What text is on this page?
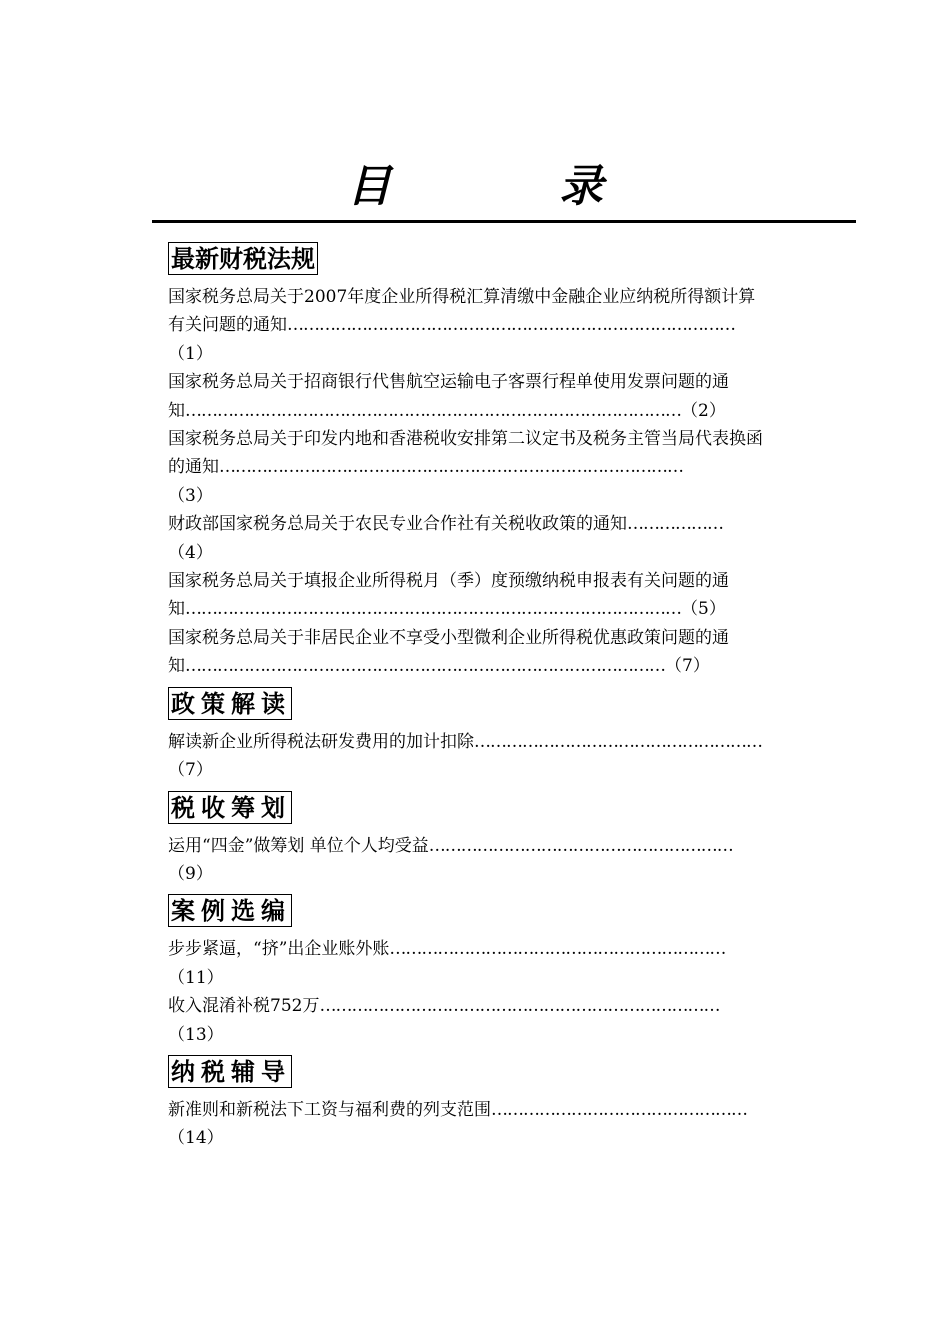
目　录
最新财税法规

国家税务总局关于2007年度企业所得税汇算清缴中金融企业应纳税所得额计算
有关问题的通知…………………………………………………………………………
（1）

国家税务总局关于招商银行代售航空运输电子客票行程单使用发票问题的通
知…………………………………………………………………………………（2）

国家税务总局关于印发内地和香港税收安排第二议定书及税务主管当局代表换函
的通知……………………………………………………………………………
（3）

财政部国家税务总局关于农民专业合作社有关税收政策的通知………………
（4）

国家税务总局关于填报企业所得税月（季）度预缴纳税申报表有关问题的通
知…………………………………………………………………………………（5）

国家税务总局关于非居民企业不享受小型微利企业所得税优惠政策问题的通
知………………………………………………………………………………（7）

政策解读

解读新企业所得税法研发费用的加计扣除………………………………………………
（7）

税收筹划

运用“四金”做筹划 单位个人均受益…………………………………………………
（9）

案例选编

步步紧逼，“挤”出企业账外账………………………………………………………
（11）

收入混淆补税752万…………………………………………………………………
（13）

纳税辅导

新准则和新税法下工资与福利费的列支范围…………………………………………
（14）
